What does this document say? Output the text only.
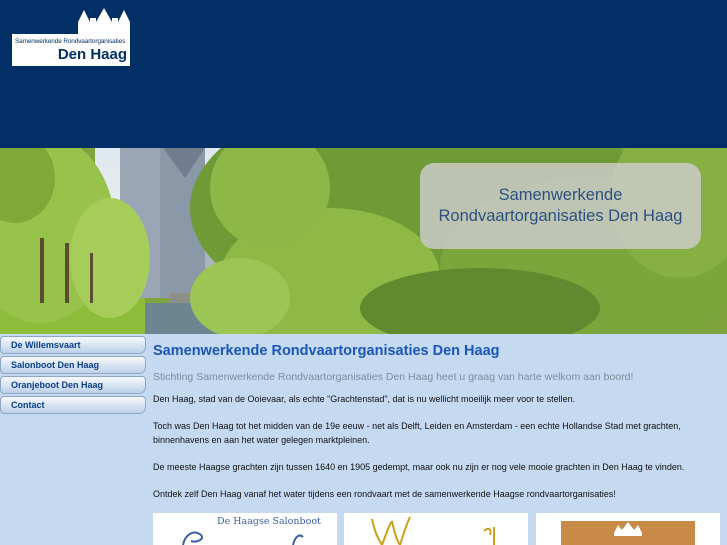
Samenwerkende Rondvaartorganisaties
Den Haag
Samenwerkende Rondvaartorganisaties Den Haag
De Willemsvaart
Salonboot Den Haag
Oranjeboot Den Haag
Contact
Samenwerkende Rondvaartorganisaties Den Haag
Stichting Samenwerkende Rondvaartorganisaties Den Haag heet u graag van harte welkom aan boord!

Den Haag, stad van de Ooievaar, als echte "Grachtenstad", dat is nu wellicht moeilijk meer voor te stellen.

Toch was Den Haag tot het midden van de 19e eeuw - net als Delft, Leiden en Amsterdam - een echte Hollandse Stad met grachten, binnenhavens en aan het water gelegen marktpleinen.

De meeste Haagse grachten zijn tussen 1640 en 1905 gedempt, maar ook nu zijn er nog vele mooie grachten in Den Haag te vinden.

Ontdek zelf Den Haag vanaf het water tijdens een rondvaart met de samenwerkende Haagse rondvaartorganisaties!

De Haagse Salonboot
